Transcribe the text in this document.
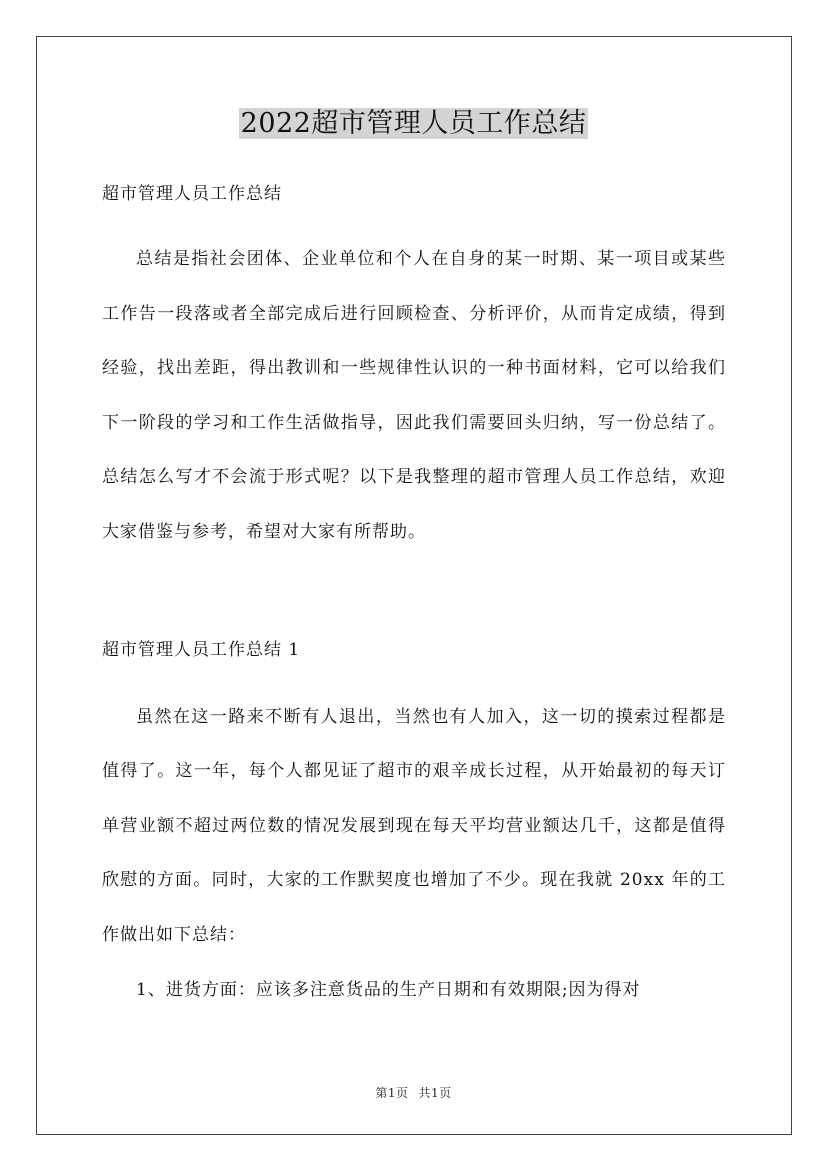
2022超市管理人员工作总结

超市管理人员工作总结

总结是指社会团体、企业单位和个人在自身的某一时期、某一项目或某些工作告一段落或者全部完成后进行回顾检查、分析评价，从而肯定成绩，得到经验，找出差距，得出教训和一些规律性认识的一种书面材料，它可以给我们下一阶段的学习和工作生活做指导，因此我们需要回头归纳，写一份总结了。总结怎么写才不会流于形式呢？以下是我整理的超市管理人员工作总结，欢迎大家借鉴与参考，希望对大家有所帮助。

超市管理人员工作总结 1

虽然在这一路来不断有人退出，当然也有人加入，这一切的摸索过程都是值得了。这一年，每个人都见证了超市的艰辛成长过程，从开始最初的每天订单营业额不超过两位数的情况发展到现在每天平均营业额达几千，这都是值得欣慰的方面。同时，大家的工作默契度也增加了不少。现在我就 20xx 年的工作做出如下总结：

1、进货方面：应该多注意货品的生产日期和有效期限;因为得对

第1页 共1页
